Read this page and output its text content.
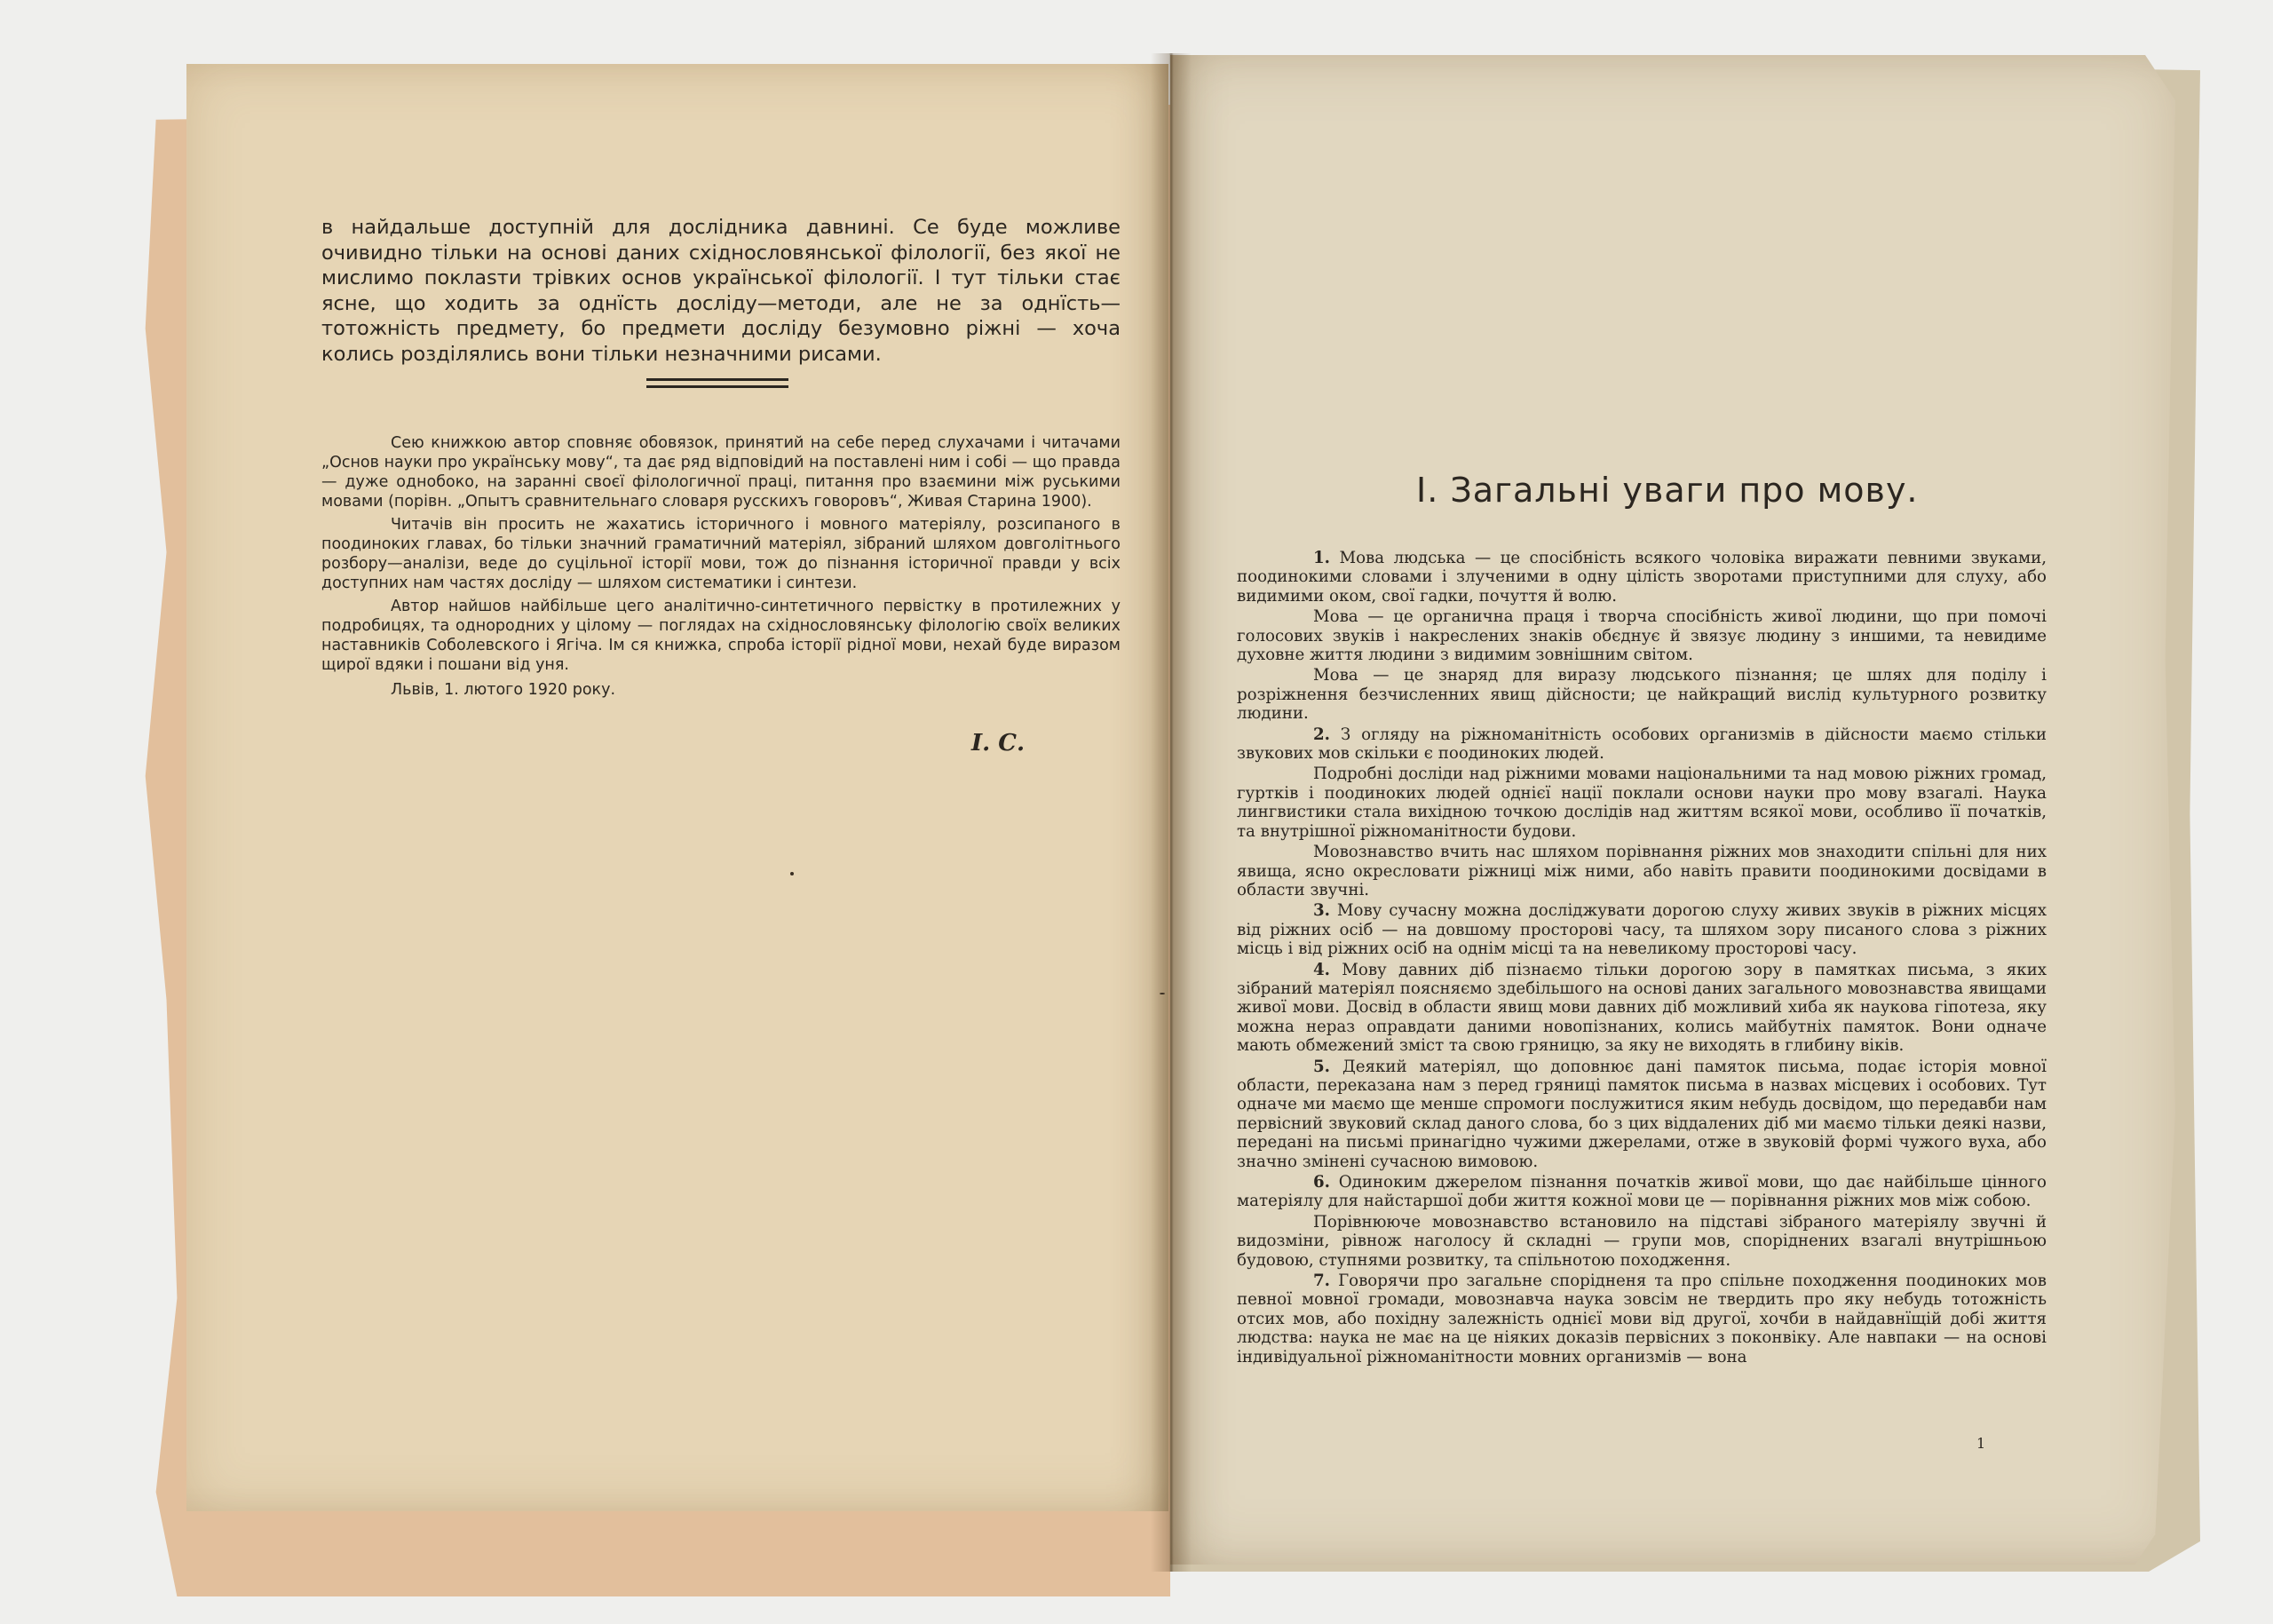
в найдальше доступній для дослідника давнині. Се буде можливе очивидно тільки на основі даних східнословянської філології, без якої не мислимо поклasти трівких основ української філології. І тут тільки стає ясне, що ходить за однїсть досліду—методи, але не за однїсть—тотожність предмету, бо предмети досліду безумовно ріжні — хоча колись розділялись вони тільки незначними рисами.

Сею книжкою автор сповняє обовязок, принятий на себе перед слухачами і читачами „Основ науки про українську мову“, та дає ряд відповідий на поставлені ним і собі — що правда — дуже однобоко, на заранні своєї філологичної праці, питання про взаємини між руськими мовами (порівн. „Опытъ сравнительнаго словаря русскихъ говоровъ“, Живая Старина 1900).

Читачів він просить не жахатись історичного і мовного матеріялу, розсипаного в поодиноких главах, бо тільки значний граматичний матеріял, зібраний шляхом довголітнього розбору—аналізи, веде до суцільної історії мови, тож до пізнання історичної правди у всіх доступних нам частях досліду — шляхом систематики і синтези.

Автор найшов найбільше цего аналітично-синтетичного первістку в протилежних у подробицях, та однородних у цілому — поглядах на східнословянську філологію своїх великих наставників Соболевского і Ягіча. Ім ся книжка, спроба історії рідної мови, нехай буде виразом щирої вдяки і пошани від уня.

Львів, 1. лютого 1920 року.

І. С.
І. Загальні уваги про мову.

1. Мова людська — це спосібність всякого чоловіка виражати певними звуками, поодинокими словами і злученими в одну цілість зворотами приступними для слуху, або видимими оком, свої гадки, почуття й волю.

Мова — це органична праця і творча спосібність живої людини, що при помочі голосових звуків і накреслених знаків обєднує й звязує людину з иншими, та невидиме духовне життя людини з видимим зовнішним світом.

Мова — це знаряд для виразу людського пізнання; це шлях для поділу і розріжнення безчисленних явищ дійсности; це найкращий вислід культурного розвитку людини.

2. З огляду на ріжноманітність особових организмів в дійсности маємо стільки звукових мов скільки є поодиноких людей.

Подробні досліди над ріжними мовами національними та над мовою ріжних громад, гуртків і поодиноких людей однієї нації поклали основи науки про мову взагалі. Наука лингвистики стала вихідною точкою дослідів над життям всякої мови, особливо її початків, та внутрішної ріжноманітности будови.

Мовознавство вчить нас шляхом порівнання ріжних мов знаходити спільні для них явища, ясно окресловати ріжниці між ними, або навіть правити поодинокими досвідами в области звучні.

3. Мову сучасну можна досліджувати дорогою слуху живих звуків в ріжних місцях від ріжних осіб — на довшому просторові часу, та шляхом зору писаного слова з ріжних місць і від ріжних осіб на однім місці та на невеликому просторові часу.

4. Мову давних діб пізнаємо тільки дорогою зору в памятках письма, з яких зібраний матеріял поясняємо здебільшого на основі даних загального мовознавства явищами живої мови. Досвід в области явищ мови давних діб можливий хиба як наукова гіпотеза, яку можна нераз оправдати даними новопізнаних, колись майбутніх памяток. Вони одначе мають обмежений зміст та свою гряницю, за яку не виходять в глибину віків.

5. Деякий матеріял, що доповнює дані памяток письма, подає історія мовної области, переказана нам з перед гряниці памяток письма в назвах місцевих і особових. Тут одначе ми маємо ще менше спромоги послужитися яким небудь досвідом, що передавби нам первісний звуковий склад даного слова, бо з цих віддалених діб ми маємо тільки деякі назви, передані на письмі принагідно чужими джерелами, отже в звуковій формі чужого вуха, або значно змінені сучасною вимовою.

6. Одиноким джерелом пізнання початків живої мови, що дає найбільше цінного матеріялу для найстаршої доби життя кожної мови це — порівнання ріжних мов між собою.

Порівнююче мовознавство встановило на підставі зібраного матеріялу звучні й видозміни, рівнож наголосу й складні — групи мов, споріднених взагалі внутрішньою будовою, ступнями розвитку, та спільнотою походження.

7. Говорячи про загальне спорідненя та про спільне походження поодиноких мов певної мовної громади, мовознавча наука зовсім не твердить про яку небудь тотожність отсих мов, або похідну залежність однієї мови від другої, хочби в найдавнїщій добі життя людства: наука не має на це ніяких доказів первісних з поконвіку. Але навпаки — на основі індивідуальної ріжноманітности мовних организмів — вона

1
